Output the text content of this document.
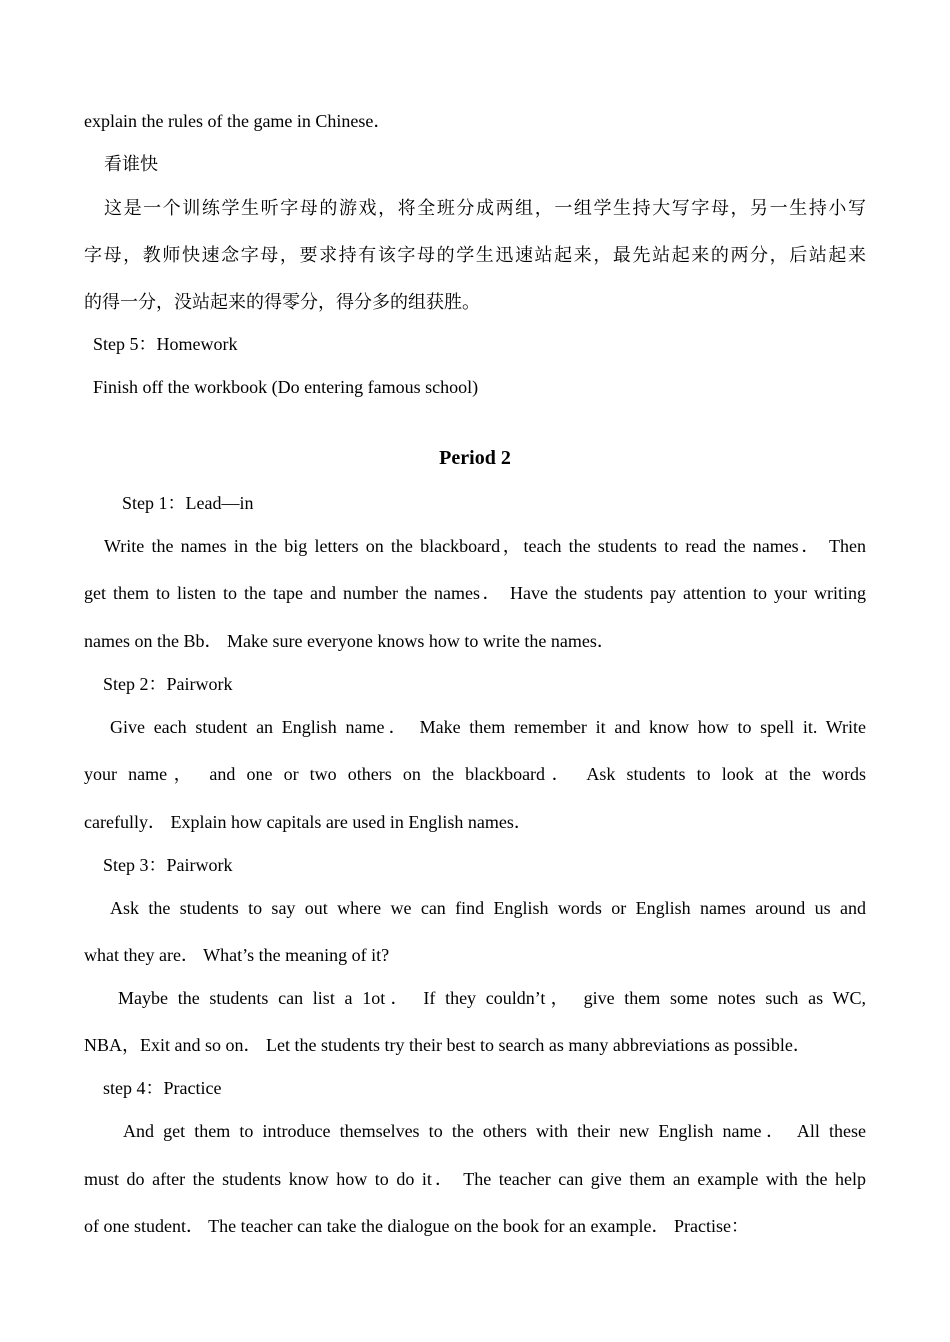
explain the rules of the game in Chinese．
看谁快
这是一个训练学生听字母的游戏，将全班分成两组，一组学生持大写字母，另一生持小写
字母，教师快速念字母，要求持有该字母的学生迅速站起来，最先站起来的两分，后站起来
的得一分，没站起来的得零分，得分多的组获胜。
Step 5：Homework
Finish off the workbook (Do entering famous school)
Period 2
Step 1：Lead—in
Write the names in the big letters on the blackboard，teach the students to read the names． Then
get them to listen to the tape and number the names． Have the students pay attention to your writing
names on the Bb． Make sure everyone knows how to write the names．
Step 2：Pairwork
Give each student an English name． Make them remember it and know how to spell it. Write
your name， and one or two others on the blackboard． Ask students to look at the words
carefully． Explain how capitals are used in English names．
Step 3：Pairwork
Ask the students to say out where we can find English words or English names around us and
what they are． What’s the meaning of it?
Maybe the students can list a 1ot． If they couldn’t， give them some notes such as WC,
NBA，Exit and so on． Let the students try their best to search as many abbreviations as possible．
step 4：Practice
And get them to introduce themselves to the others with their new English name． All these
must do after the students know how to do it． The teacher can give them an example with the help
of one student． The teacher can take the dialogue on the book for an example． Practise：
